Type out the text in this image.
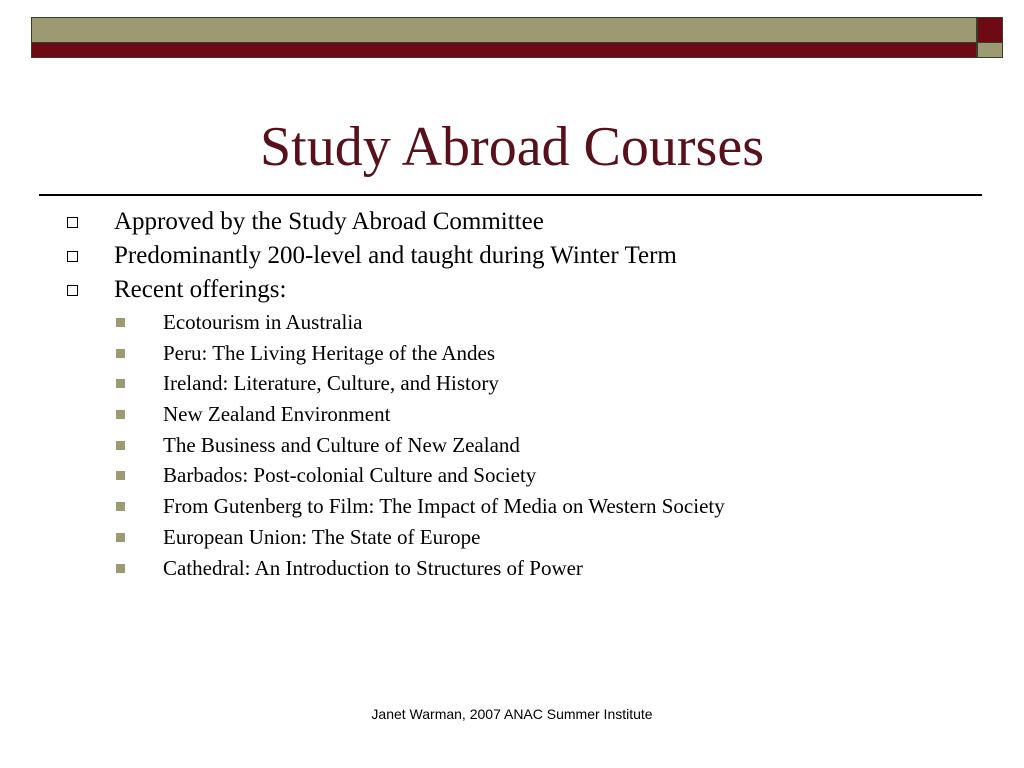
Study Abroad Courses
Approved by the Study Abroad Committee
Predominantly 200-level and taught during Winter Term
Recent offerings:
Ecotourism in Australia
Peru: The Living Heritage of the Andes
Ireland: Literature, Culture, and History
New Zealand Environment
The Business and Culture of New Zealand
Barbados: Post-colonial Culture and Society
From Gutenberg to Film: The Impact of Media on Western Society
European Union: The State of Europe
Cathedral: An Introduction to Structures of Power
Janet Warman, 2007 ANAC Summer Institute
